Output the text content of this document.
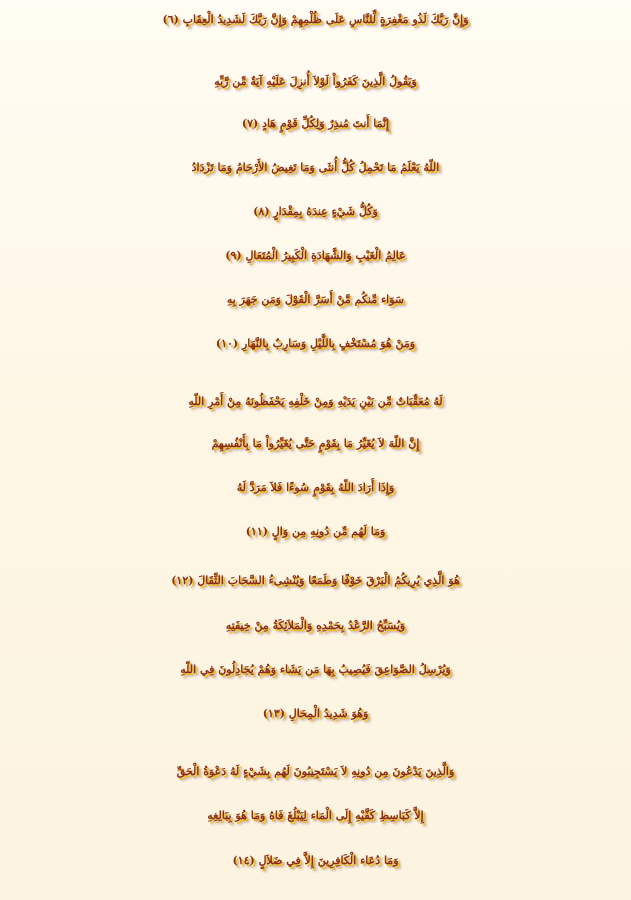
وَإِنَّ رَبَّكَ لَذُو مَغْفِرَةٍ لِّلنَّاسِ عَلَى ظُلْمِهِمْ وَإِنَّ رَبَّكَ لَشَدِيدُ الْعِقَابِ (٦)
وَيَقُولُ الَّذِينَ كَفَرُواْ لَوْلاَ أُنزِلَ عَلَيْهِ آيَةٌ مِّن رَّبِّهِ
إِنَّمَا أَنتَ مُنذِرٌ وَلِكُلِّ قَوْمٍ هَادٍ (٧)
اللّهُ يَعْلَمُ مَا تَحْمِلُ كُلُّ أُنثَى وَمَا تَغِيضُ الأَرْحَامُ وَمَا تَزْدَادُ
وَكُلُّ شَيْءٍ عِندَهُ بِمِقْدَارٍ (٨)
عَالِمُ الْغَيْبِ وَالشَّهَادَةِ الْكَبِيرُ الْمُتَعَالِ (٩)
سَوَاء مِّنكُم مَّنْ أَسَرَّ الْقَوْلَ وَمَن جَهَرَ بِهِ
وَمَنْ هُوَ مُسْتَخْفٍ بِاللَّيْلِ وَسَارِبٌ بِالنَّهَارِ (١٠)
لَهُ مُعَقِّبَاتٌ مِّن بَيْنِ يَدَيْهِ وَمِنْ خَلْفِهِ يَحْفَظُونَهُ مِنْ أَمْرِ اللّهِ
إِنَّ اللّهَ لاَ يُغَيِّرُ مَا بِقَوْمٍ حَتَّى يُغَيِّرُواْ مَا بِأَنْفُسِهِمْ
وَإِذَا أَرَادَ اللّهُ بِقَوْمٍ سُوءًا فَلاَ مَرَدَّ لَهُ
وَمَا لَهُم مِّن دُونِهِ مِن وَالٍ (١١)
هُوَ الَّذِي يُرِيكُمُ الْبَرْقَ خَوْفًا وَطَمَعًا وَيُنْشِىءُ السَّحَابَ الثِّقَالَ (١٢)
وَيُسَبِّحُ الرَّعْدُ بِحَمْدِهِ وَالْمَلاَئِكَةُ مِنْ خِيفَتِهِ
وَيُرْسِلُ الصَّوَاعِقَ فَيُصِيبُ بِهَا مَن يَشَاء وَهُمْ يُجَادِلُونَ فِي اللّهِ
وَهُوَ شَدِيدُ الْمِحَالِ (١٣)
وَالَّذِينَ يَدْعُونَ مِن دُونِهِ لاَ يَسْتَجِيبُونَ لَهُم بِشَيْءٍ لَهُ دَعْوَةُ الْحَقِّ
إِلاَّ كَبَاسِطِ كَفَّيْهِ إِلَى الْمَاء لِيَبْلُغَ فَاهُ وَمَا هُوَ بِبَالِغِهِ
وَمَا دُعَاء الْكَافِرِينَ إِلاَّ فِي ضَلاَلٍ (١٤)
